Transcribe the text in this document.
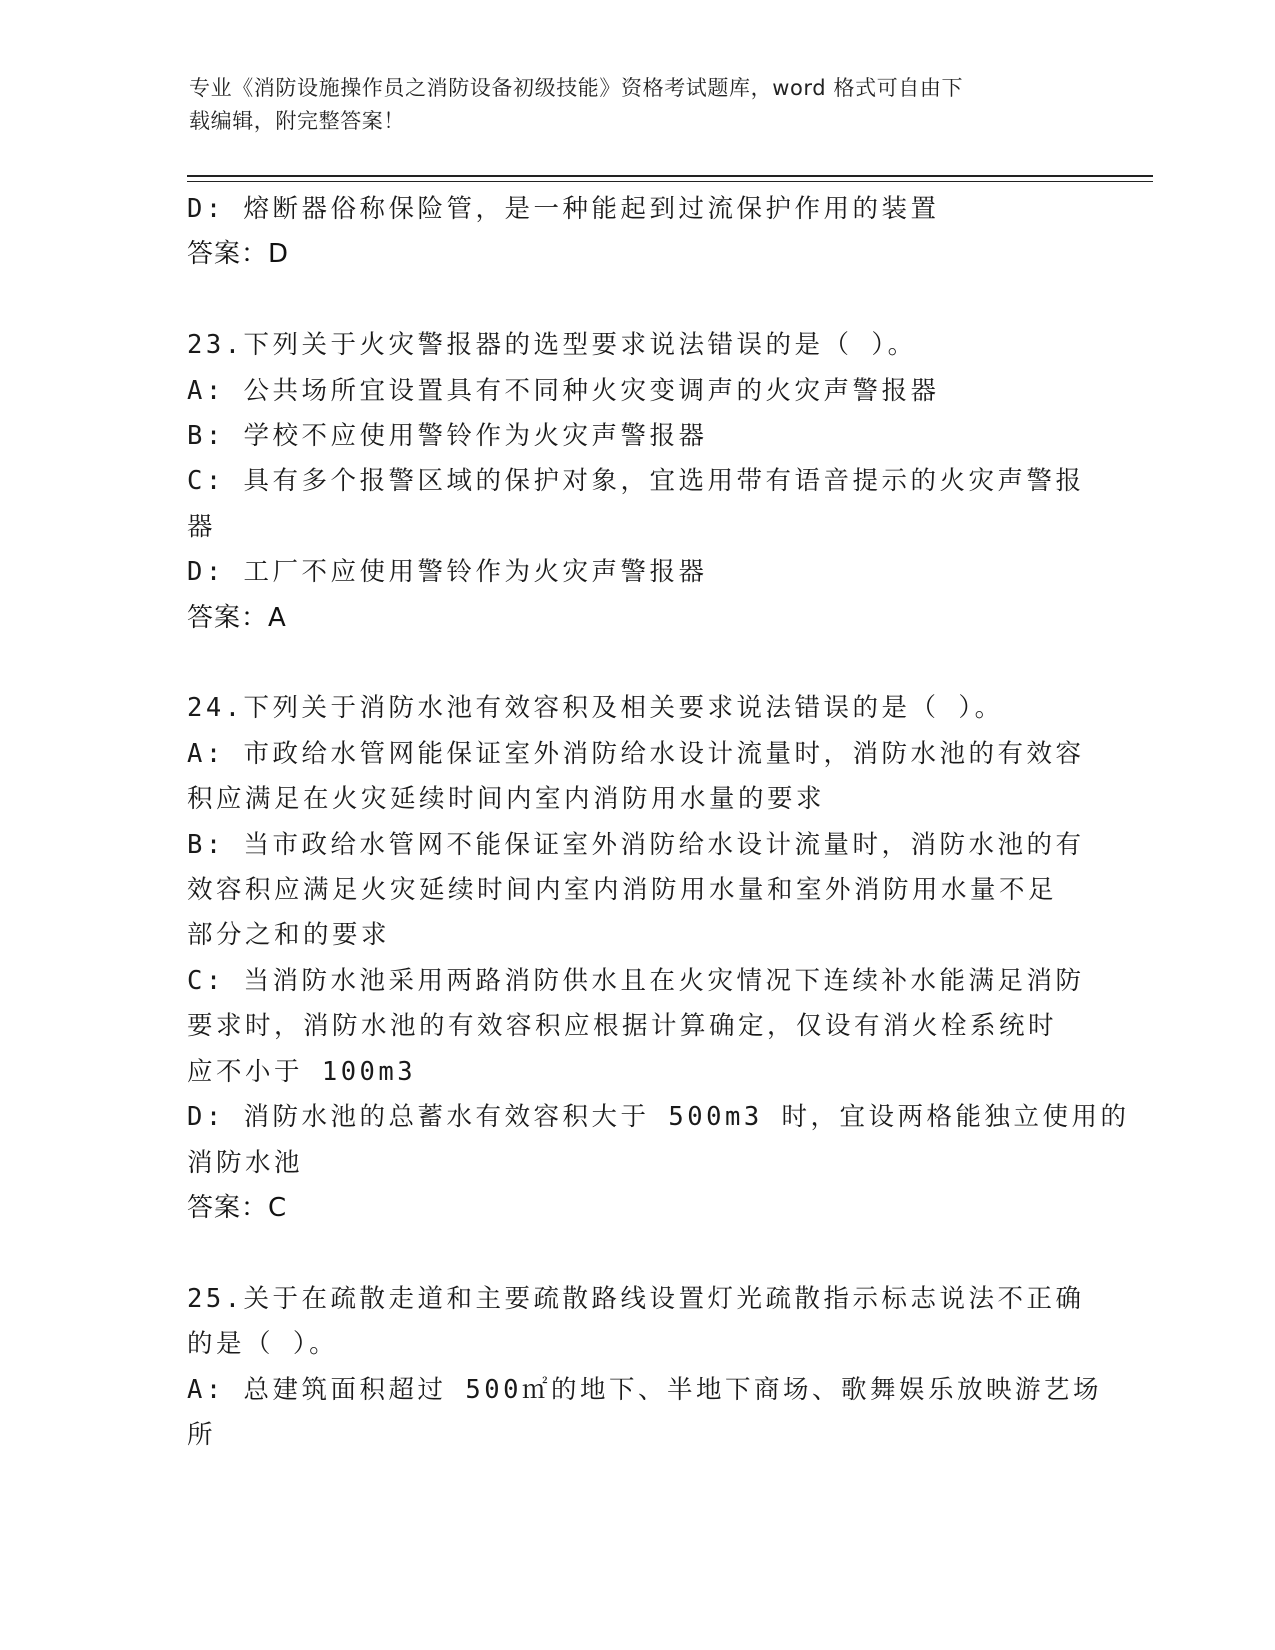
专业《消防设施操作员之消防设备初级技能》资格考试题库，word 格式可自由下
载编辑，附完整答案！
D: 熔断器俗称保险管，是一种能起到过流保护作用的装置
答案：D
23.下列关于火灾警报器的选型要求说法错误的是（ ）。
A: 公共场所宜设置具有不同种火灾变调声的火灾声警报器
B: 学校不应使用警铃作为火灾声警报器
C: 具有多个报警区域的保护对象，宜选用带有语音提示的火灾声警报
器
D: 工厂不应使用警铃作为火灾声警报器
答案：A
24.下列关于消防水池有效容积及相关要求说法错误的是（ ）。
A: 市政给水管网能保证室外消防给水设计流量时，消防水池的有效容
积应满足在火灾延续时间内室内消防用水量的要求
B: 当市政给水管网不能保证室外消防给水设计流量时，消防水池的有
效容积应满足火灾延续时间内室内消防用水量和室外消防用水量不足
部分之和的要求
C: 当消防水池采用两路消防供水且在火灾情况下连续补水能满足消防
要求时，消防水池的有效容积应根据计算确定，仅设有消火栓系统时
应不小于 100m3
D: 消防水池的总蓄水有效容积大于 500m3 时，宜设两格能独立使用的
消防水池
答案：C
25.关于在疏散走道和主要疏散路线设置灯光疏散指示标志说法不正确
的是（ ）。
A: 总建筑面积超过 500㎡的地下、半地下商场、歌舞娱乐放映游艺场
所
